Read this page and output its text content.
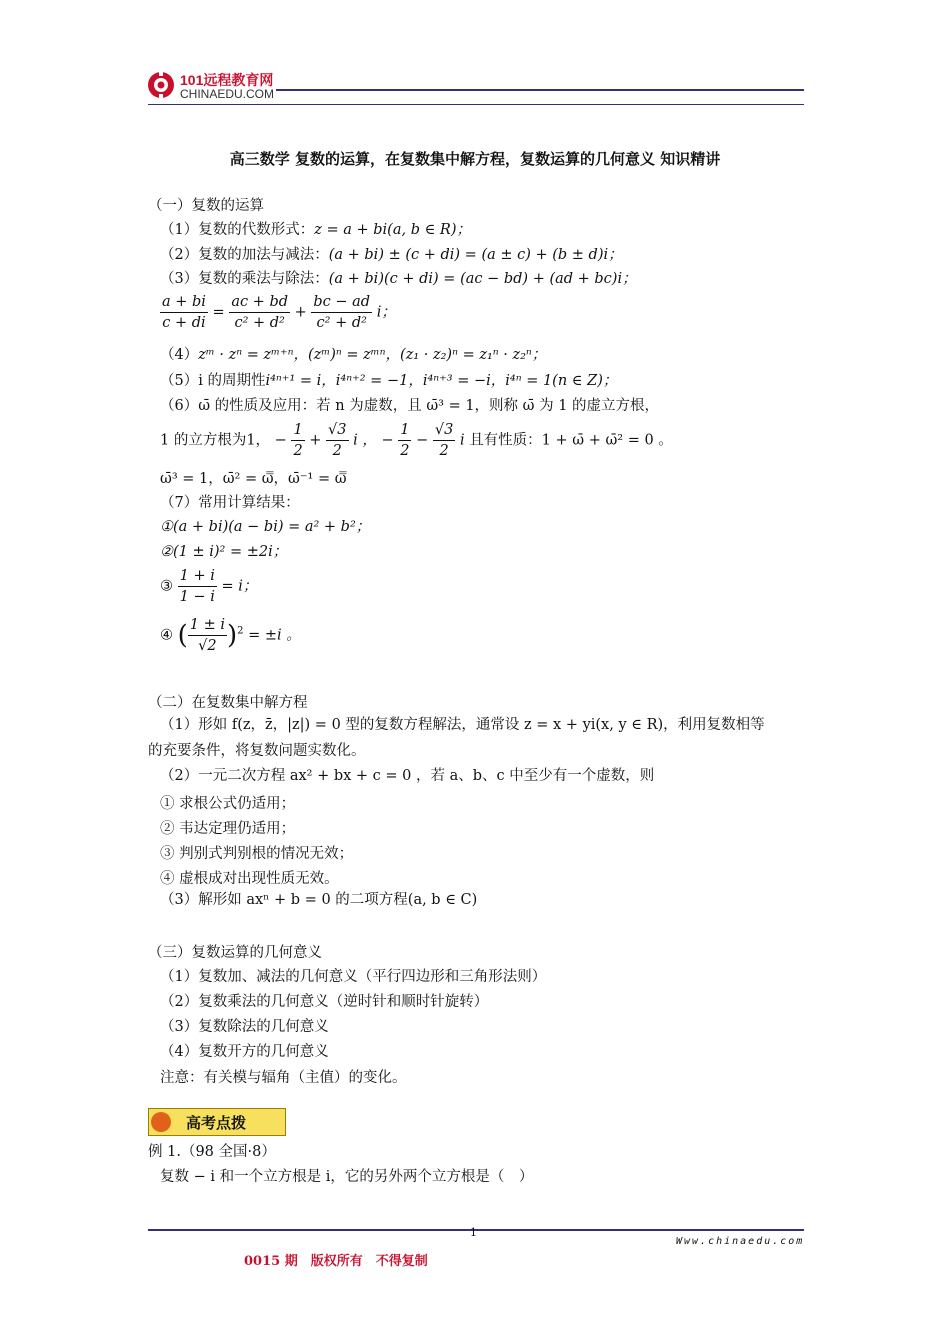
101远程教育网
CHINAEDU.COM
高三数学 复数的运算，在复数集中解方程，复数运算的几何意义 知识精讲
（一）复数的运算
（1）复数的代数形式：z = a + bi(a, b ∈ R)；
（2）复数的加法与减法：(a + bi) ± (c + di) = (a ± c) + (b ± d)i；
（3）复数的乘法与除法：(a + bi)(c + di) = (ac − bd) + (ad + bc)i；
$\frac{a + bi}{c + di} = \frac{ac + bd}{\text{c² + d²}} + \frac{bc - ad}{\text{c² + d²}}$ i；
（4）zᵐ · zⁿ = zᵐ⁺ⁿ，(zᵐ)ⁿ = zᵐⁿ，(z₁ · z₂)ⁿ = z₁ⁿ · z₂ⁿ；
（5）i 的周期性i⁴ⁿ⁺¹ = i，i⁴ⁿ⁺² = −1，i⁴ⁿ⁺³ = −i，i⁴ⁿ = 1(n ∈ Z)；
（6）ω̄ 的性质及应用：若 n 为虚数，且 ω̄³ = 1，则称 ω̄ 为 1 的虚立方根，
1 的立方根为1， − $\frac{1}{2} + \frac{√3}{2}$ i ， − $\frac{1}{2} - \frac{√3}{2}$ i 且有性质：1 + ω̄ + ω̄² = 0 。
ω̄³ = 1，ω̄² = ω̿，ω̄⁻¹ = ω̿
（7）常用计算结果：
①(a + bi)(a − bi) = a² + b²；
②(1 ± i)² = ±2i；
③ $\frac{1 + i}{1 - i} = i$；
④ ( $\frac{1 \pm i}{√2} )^2 = \pm i$ 。
（二）在复数集中解方程
（1）形如 f(z，z̄，|z|) = 0 型的复数方程解法，通常设 z = x + yi(x, y ∈ R)，利用复数相等
的充要条件，将复数问题实数化。
（2）一元二次方程 ax² + bx + c = 0 ，若 a、b、c 中至少有一个虚数，则
① 求根公式仍适用；
② 韦达定理仍适用；
③ 判别式判别根的情况无效；
④ 虚根成对出现性质无效。
（3）解形如 axⁿ + b = 0 的二项方程(a, b ∈ C)
（三）复数运算的几何意义
（1）复数加、减法的几何意义（平行四边形和三角形法则）
（2）复数乘法的几何意义（逆时针和顺时针旋转）
（3）复数除法的几何意义
（4）复数开方的几何意义
注意：有关模与辐角（主值）的变化。
高考点拨
例 1.（98 全国·8）
复数 − i 和一个立方根是 i，它的另外两个立方根是（　）
1
Www.chinaedu.com
0015 期　版权所有　不得复制
